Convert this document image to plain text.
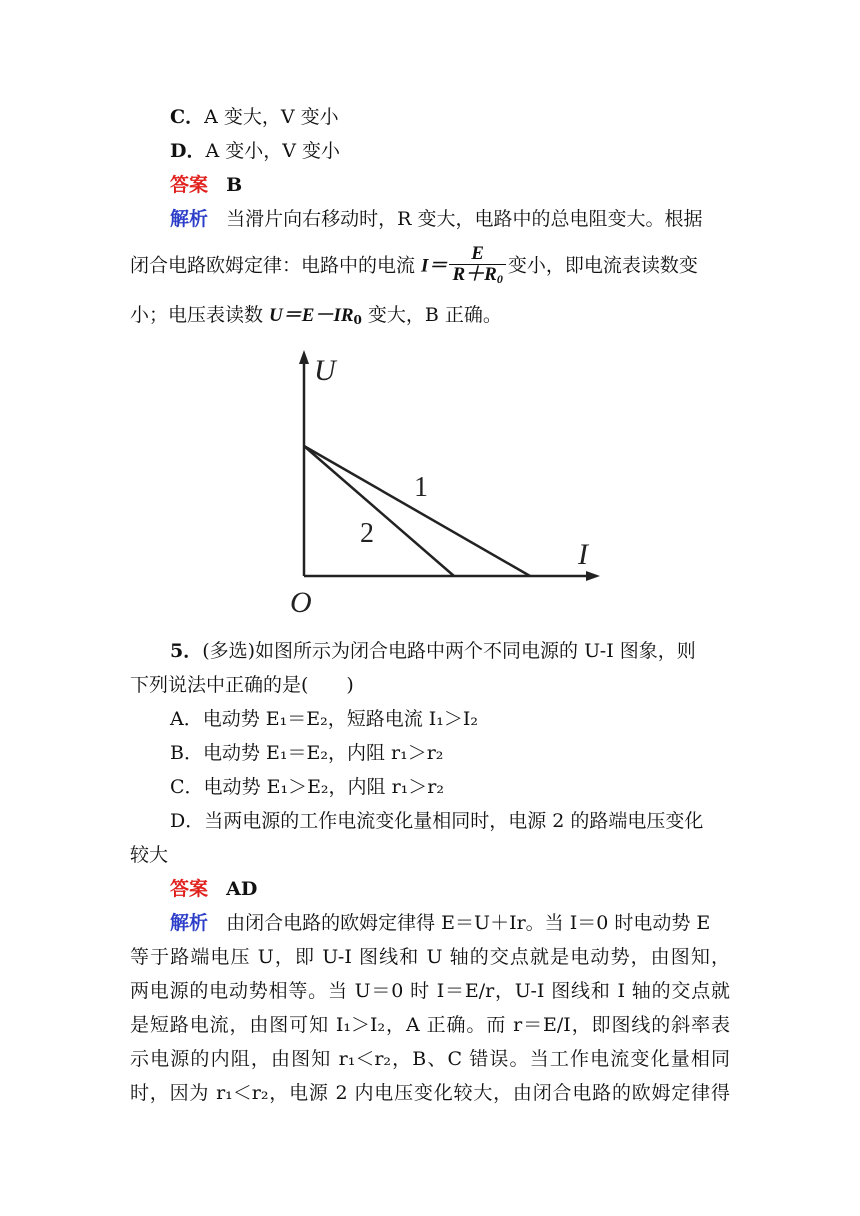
C．A 变大，V 变小
D．A 变小，V 变小
答案 B
解析 当滑片向右移动时，R 变大，电路中的总电阻变大。根据
闭合电路欧姆定律：电路中的电流 $I= \frac{E}{R+R_0}$ 变小，即电流表读数变
小；电压表读数 $U=E-IR_0$ 变大，B 正确。
U
I
O
1
2
5．(多选)如图所示为闭合电路中两个不同电源的 U-I 图象，则
下列说法中正确的是(　　)
A．电动势 E₁＝E₂，短路电流 I₁＞I₂
B．电动势 E₁＝E₂，内阻 r₁＞r₂
C．电动势 E₁＞E₂，内阻 r₁＞r₂
D．当两电源的工作电流变化量相同时，电源 2 的路端电压变化
较大
答案 AD
解析 由闭合电路的欧姆定律得 E＝U＋Ir。当 I＝0 时电动势 E
等于路端电压 U，即 U-I 图线和 U 轴的交点就是电动势，由图知，
两电源的电动势相等。当 U＝0 时 I＝E/r，U-I 图线和 I 轴的交点就
是短路电流，由图可知 I₁＞I₂，A 正确。而 r＝E/I，即图线的斜率表
示电源的内阻，由图知 r₁＜r₂，B、C 错误。当工作电流变化量相同
时，因为 r₁＜r₂，电源 2 内电压变化较大，由闭合电路的欧姆定律得
